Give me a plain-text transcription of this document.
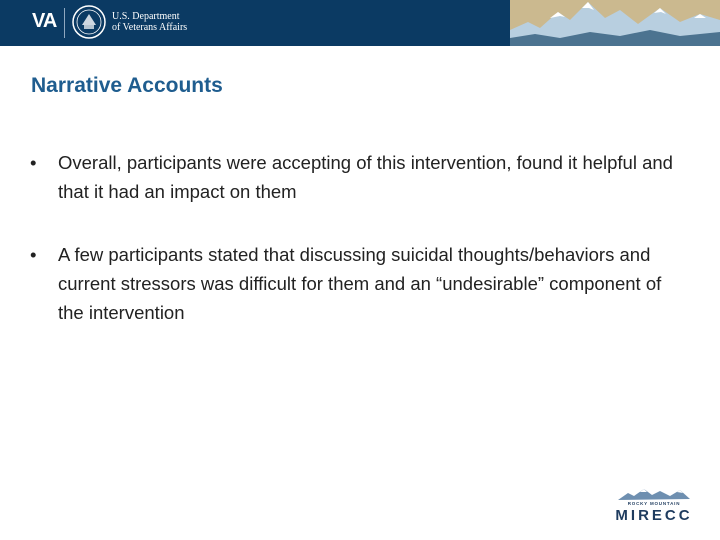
VA	U.S. Department
of Veterans Affairs
Narrative Accounts
• Overall, participants were accepting of this intervention, found it helpful and that it had an impact on them
• A few participants stated that discussing suicidal thoughts/behaviors and current stressors was difficult for them and an “undesirable” component of the intervention
ROCKY MOUNTAIN
MIRECC
